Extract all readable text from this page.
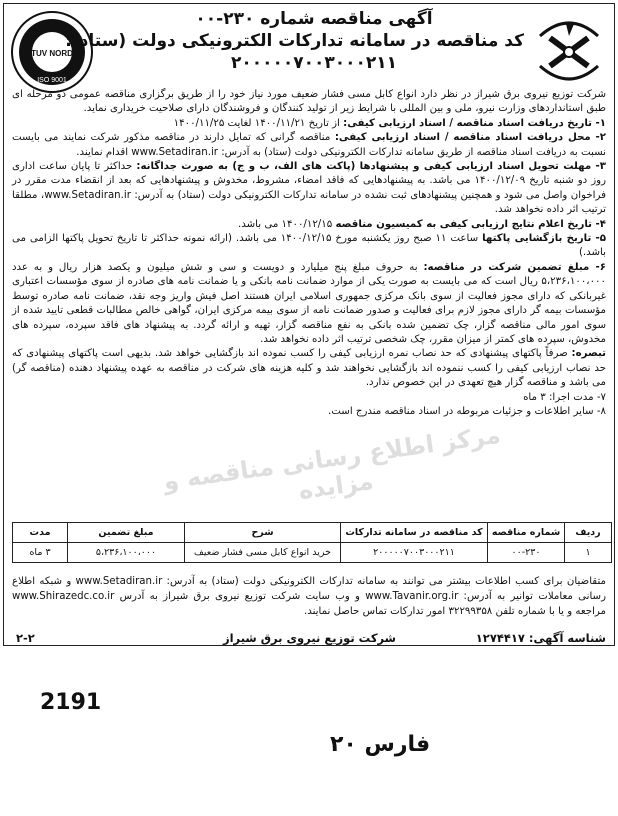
TUV NORD
ISO 9001
آگهی مناقصه شماره ۲۳۰-۰۰
کد مناقصه در سامانه تدارکات الکترونیکی دولت (ستاد):
۲۰۰۰۰۰۷۰۰۳۰۰۰۲۱۱

شرکت توزیع نیروی برق شیراز در نظر دارد انواع کابل مسی فشار ضعیف مورد نیاز خود را از طریق برگزاری مناقصه عمومی دو مرحله ای طبق استانداردهای وزارت نیرو، ملی و بین المللی با شرایط زیر از تولید کنندگان و فروشندگان دارای صلاحیت خریداری نماید.

۱- تاریخ دریافت اسناد مناقصه / اسناد ارزیابی کیفی: از تاریخ ۱۴۰۰/۱۱/۲۱ لغایت ۱۴۰۰/۱۱/۲۵

۲- محل دریافت اسناد مناقصه / اسناد ارزیابی کیفی: مناقصه گرانی که تمایل دارند در مناقصه مذکور شرکت نمایند می بایست نسبت به دریافت اسناد مناقصه از طریق سامانه تدارکات الکترونیکی دولت (ستاد) به آدرس: www.Setadiran.ir اقدام نمایند.

۳- مهلت تحویل اسناد ارزیابی کیفی و پیشنهادها (پاکت های الف، ب و ج) به صورت جداگانه: حداکثر تا پایان ساعت اداری روز دو شنبه تاریخ ۱۴۰۰/۱۲/۰۹ می باشد. به پیشنهادهایی که فاقد امضاء، مشروط، مخدوش و پیشنهادهایی که بعد از انقضاء مدت مقرر در فراخوان واصل می شود و همچنین پیشنهادهای ثبت نشده در سامانه تدارکات الکترونیکی دولت (ستاد) به آدرس: www.Setadiran.ir، مطلقا ترتیب اثر داده نخواهد شد.

۴- تاریخ اعلام نتایج ارزیابی کیفی به کمیسیون مناقصه ۱۴۰۰/۱۲/۱۵ می باشد.

۵- تاریخ بازگشایی پاکتها ساعت ۱۱ صبح روز یکشنبه مورخ ۱۴۰۰/۱۲/۱۵ می باشد. (ارائه نمونه حداکثر تا تاریخ تحویل پاکتها الزامی می باشد.)

۶- مبلغ تضمین شرکت در مناقصه: به حروف مبلغ پنج میلیارد و دویست و سی و شش میلیون و یکصد هزار ریال و به عدد ۵،۲۳۶،۱۰۰،۰۰۰ ریال است که می بایست به صورت یکی از موارد ضمانت نامه بانکی و یا ضمانت نامه های صادره از سوی مؤسسات اعتباری غیربانکی که دارای مجوز فعالیت از سوی بانک مرکزی جمهوری اسلامی ایران هستند اصل فیش واریز وجه نقد، ضمانت نامه صادره توسط مؤسسات بیمه گر دارای مجوز لازم برای فعالیت و صدور ضمانت نامه از سوی بیمه مرکزی ایران، گواهی خالص مطالبات قطعی تایید شده از سوی امور مالی مناقصه گزار، چک تضمین شده بانکی به نفع مناقصه گزار، تهیه و ارائه گردد. به پیشنهاد های فاقد سپرده، سپرده های مخدوش، سپرده های کمتر از میزان مقرر، چک شخصی ترتیب اثر داده نخواهد شد.

تبصره: صرفاً پاکتهای پیشنهادی که حد نصاب نمره ارزیابی کیفی را کسب نموده اند بازگشایی خواهد شد. بدیهی است پاکتهای پیشنهادی که حد نصاب ارزیابی کیفی را کسب ننموده اند بازگشایی نخواهند شد و کلیه هزینه های شرکت در مناقصه به عهده پیشنهاد دهنده (مناقصه گر) می باشد و مناقصه گزار هیچ تعهدی در این خصوص ندارد.

۷- مدت اجرا: ۳ ماه

۸- سایر اطلاعات و جزئیات مربوطه در اسناد مناقصه مندرج است.

مرکز اطلاع رسانی مناقصه و مزایده
ردیف	شماره مناقصه	کد مناقصه در سامانه تدارکات	شرح	مبلغ تضمین	مدت
۱	۰۰-۲۳۰	۲۰۰۰۰۰۷۰۰۳۰۰۰۲۱۱	خرید انواع کابل مسی فشار ضعیف	۵،۲۳۶،۱۰۰،۰۰۰	۳ ماه
متقاضیان برای کسب اطلاعات بیشتر می توانند به سامانه تدارکات الکترونیکی دولت (ستاد) به آدرس: www.Setadiran.ir و شبکه اطلاع رسانی معاملات توانیر به آدرس: www.Tavanir.org.ir و وب سایت شرکت توزیع نیروی برق شیراز به آدرس www.Shirazedc.co.ir مراجعه و یا با شماره تلفن ۳۲۲۹۹۳۵۸ امور تدارکات تماس حاصل نمایند.
شناسه آگهی: ۱۲۷۴۴۱۷
شرکت توزیع نیروی برق شیراز
۲-۲
2191
فارس ۲۰
